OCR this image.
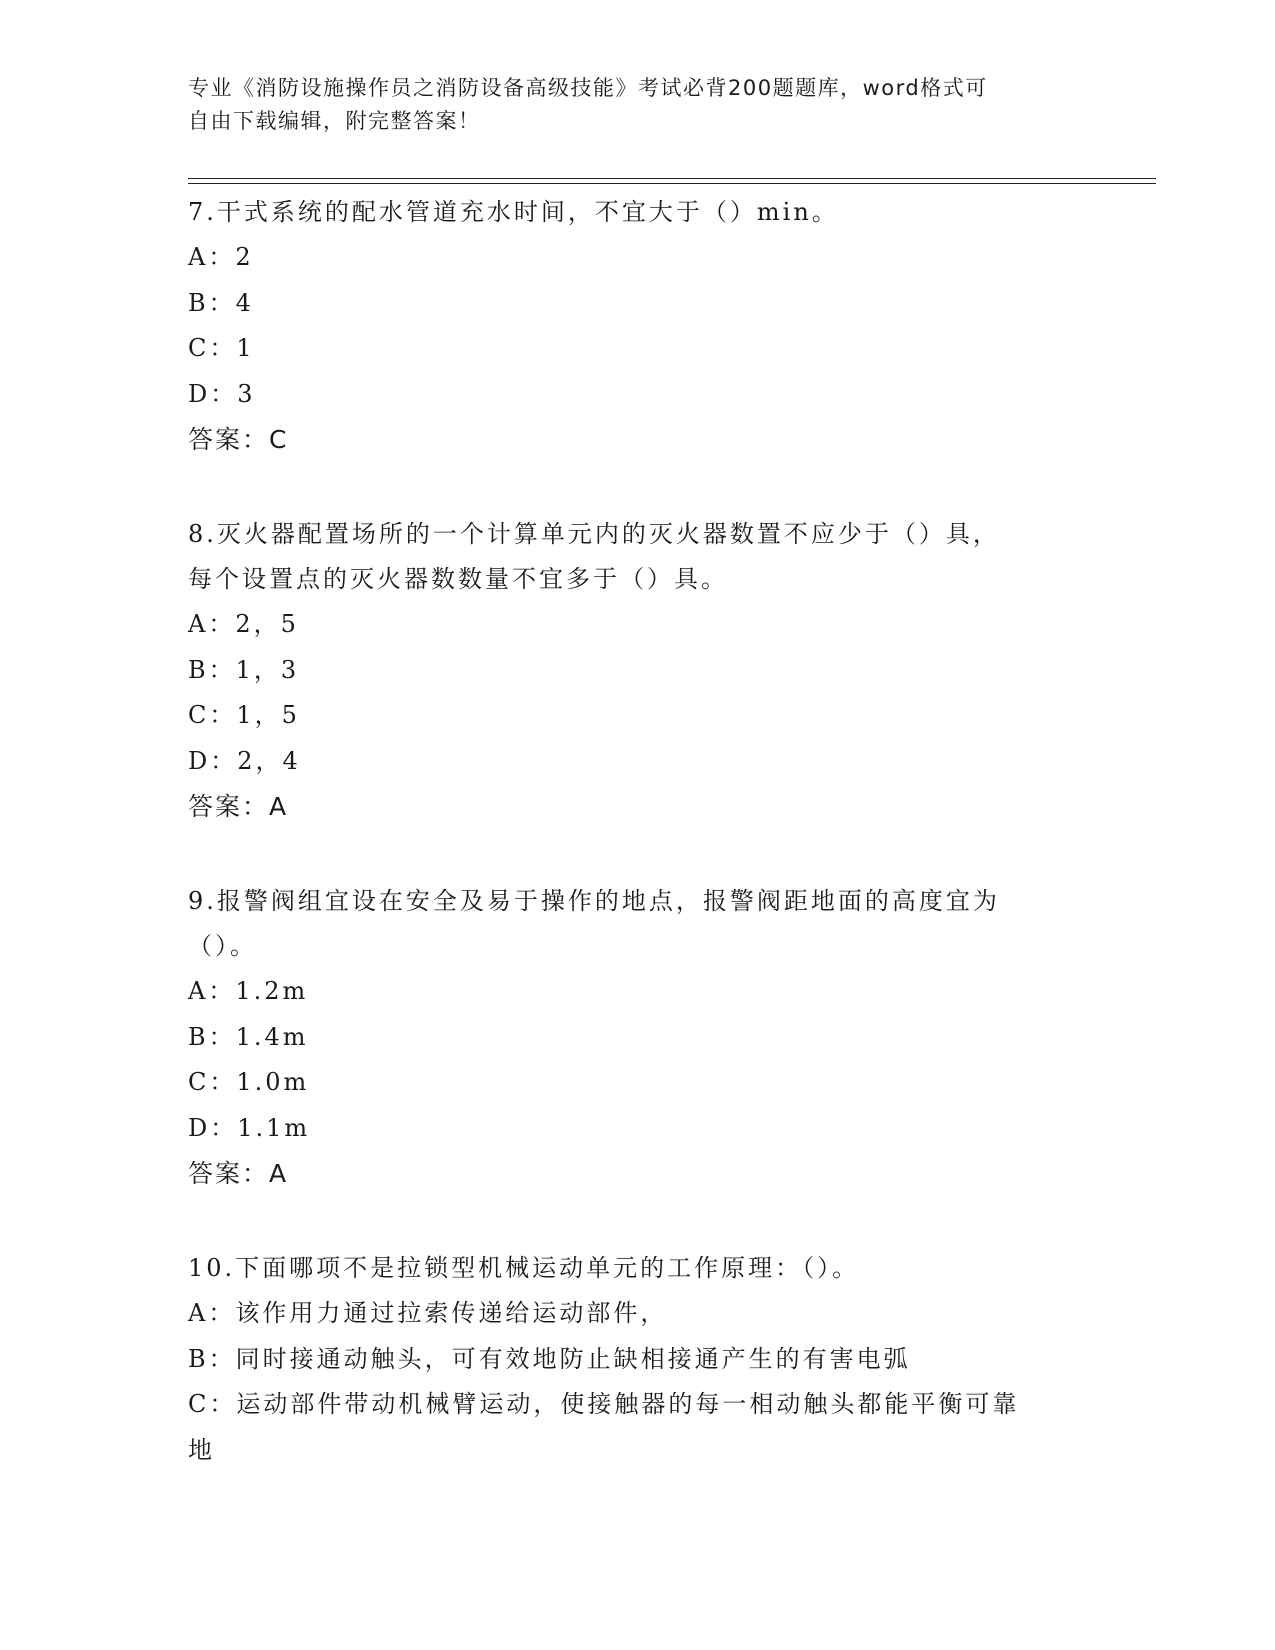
专业《消防设施操作员之消防设备高级技能》考试必背200题题库，word格式可
自由下载编辑，附完整答案！

7.干式系统的配水管道充水时间，不宜大于（）min。

A：2

B：4

C：1

D：3

答案：C

8.灭火器配置场所的一个计算单元内的灭火器数置不应少于（）具，

每个设置点的灭火器数数量不宜多于（）具。

A：2，5

B：1，3

C：1，5

D：2，4

答案：A

9.报警阀组宜设在安全及易于操作的地点，报警阀距地面的高度宜为

（）。

A：1.2m

B：1.4m

C：1.0m

D：1.1m

答案：A

10.下面哪项不是拉锁型机械运动单元的工作原理：（）。

A：该作用力通过拉索传递给运动部件，

B：同时接通动触头，可有效地防止缺相接通产生的有害电弧

C：运动部件带动机械臂运动，使接触器的每一相动触头都能平衡可靠

地
